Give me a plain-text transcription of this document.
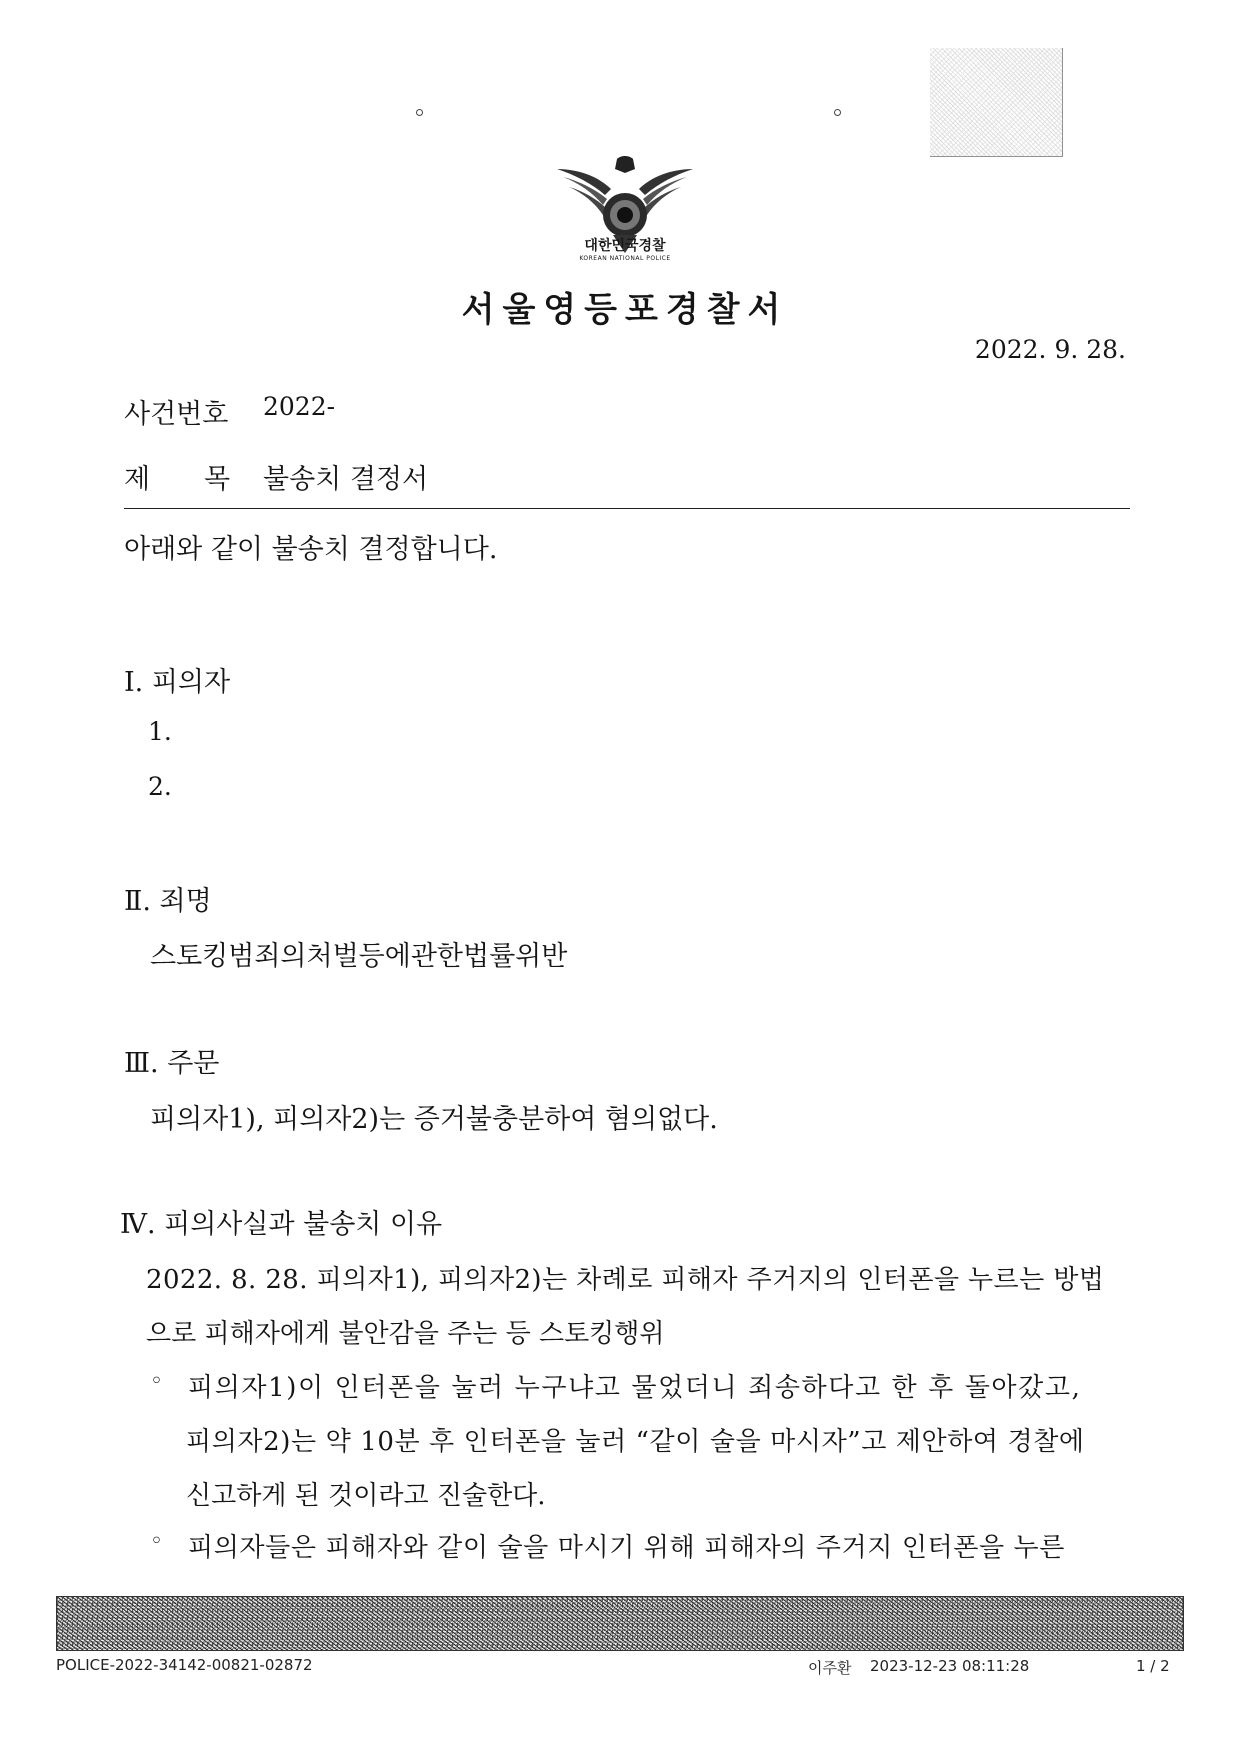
대한민국경찰
KOREAN NATIONAL POLICE
서울영등포경찰서
2022. 9. 28.
사건번호 2022-
제 목 불송치 결정서
아래와 같이 불송치 결정합니다.
Ⅰ. 피의자
1.
2.
Ⅱ. 죄명
스토킹범죄의처벌등에관한법률위반
Ⅲ. 주문
피의자1), 피의자2)는 증거불충분하여 혐의없다.
Ⅳ. 피의사실과 불송치 이유
2022. 8. 28. 피의자1), 피의자2)는 차례로 피해자 주거지의 인터폰을 누르는 방법
으로 피해자에게 불안감을 주는 등 스토킹행위
◦ 피의자1)이 인터폰을 눌러 누구냐고 물었더니 죄송하다고 한 후 돌아갔고,
피의자2)는 약 10분 후 인터폰을 눌러 “같이 술을 마시자”고 제안하여 경찰에
신고하게 된 것이라고 진술한다.
◦ 피의자들은 피해자와 같이 술을 마시기 위해 피해자의 주거지 인터폰을 누른
POLICE-2022-34142-00821-02872	이주환 2023-12-23 08:11:28	1 / 2
